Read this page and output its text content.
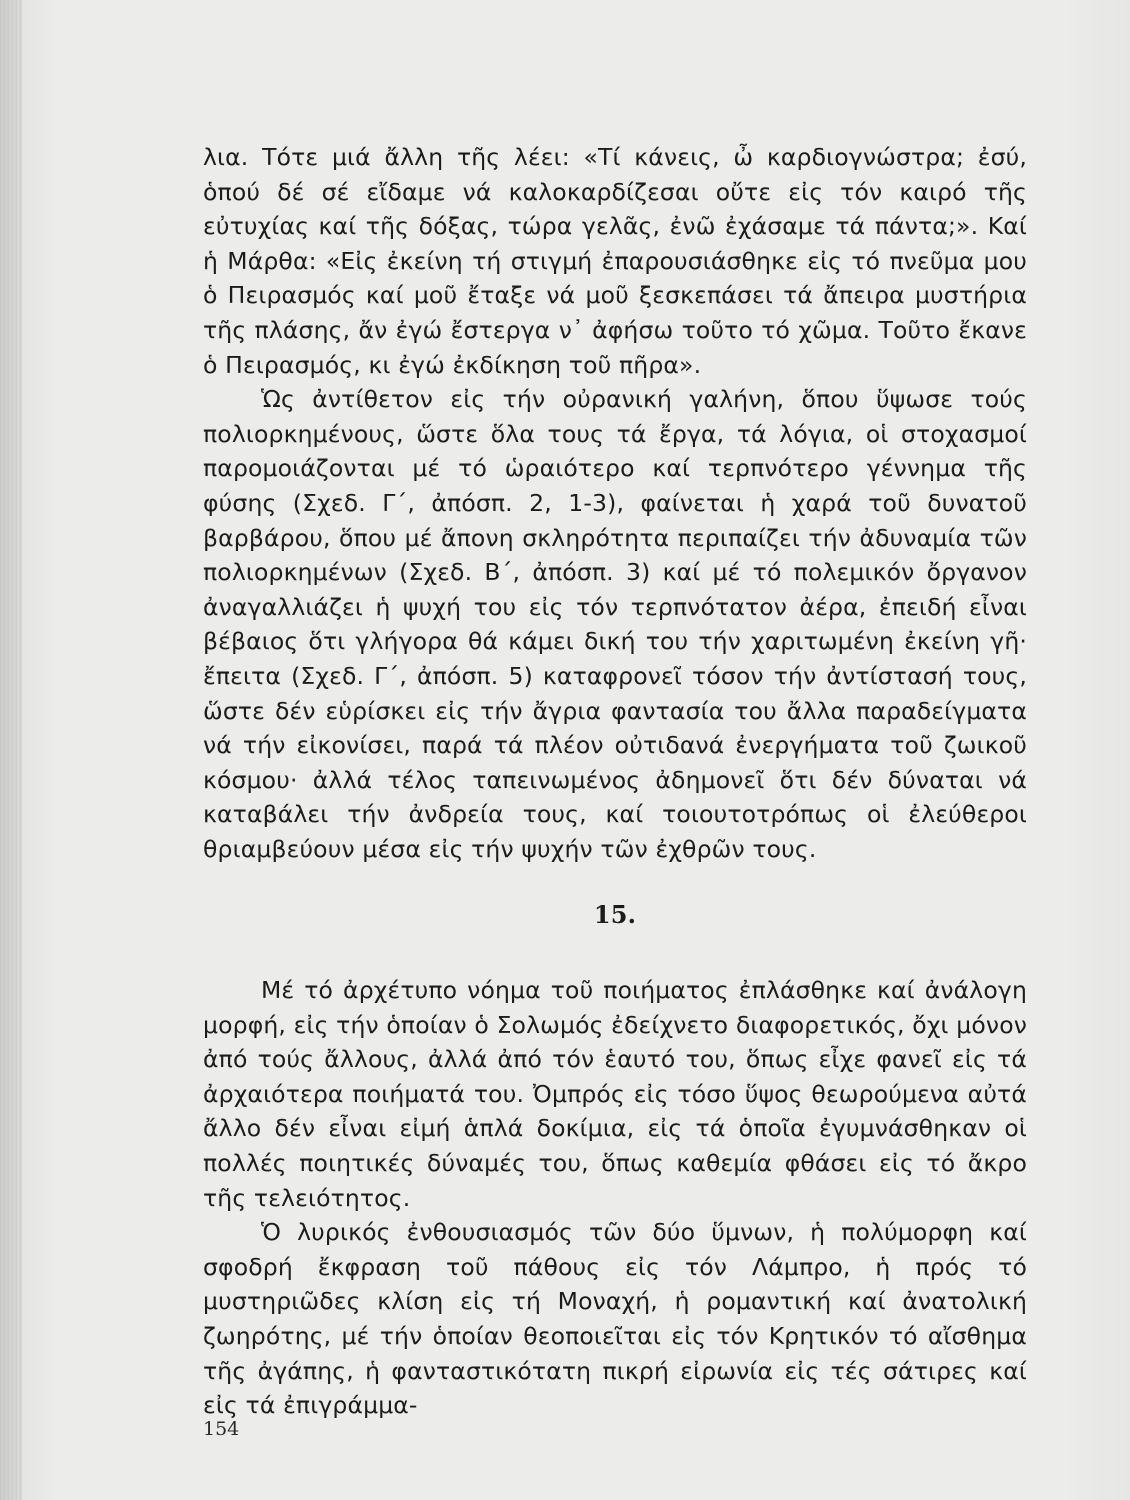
λια. Τότε μιά ἄλλη τῆς λέει: «Τί κάνεις, ὦ καρδιογνώστρα; ἐσύ, ὁπού δέ σέ εἴδαμε νά καλοκαρδίζεσαι οὔτε εἰς τόν καιρό τῆς εὐτυχίας καί τῆς δόξας, τώρα γελᾶς, ἐνῶ ἐχάσαμε τά πάντα;». Καί ἡ Μάρθα: «Εἰς ἐκείνη τή στιγμή ἐπαρουσιάσθηκε εἰς τό πνεῦμα μου ὁ Πειρασμός καί μοῦ ἔταξε νά μοῦ ξεσκεπάσει τά ἄπειρα μυστήρια τῆς πλάσης, ἄν ἐγώ ἔστεργα ν᾽ ἀφήσω τοῦτο τό χῶμα. Τοῦτο ἔκανε ὁ Πειρασμός, κι ἐγώ ἐκδίκηση τοῦ πῆρα».

Ὡς ἀντίθετον εἰς τήν οὐρανική γαλήνη, ὅπου ὕψωσε τούς πολιορκημένους, ὥστε ὅλα τους τά ἔργα, τά λόγια, οἱ στοχασμοί παρομοιάζονται μέ τό ὡραιότερο καί τερπνότερο γέννημα τῆς φύσης (Σχεδ. Γ΄, ἀπόσπ. 2, 1-3), φαίνεται ἡ χαρά τοῦ δυνατοῦ βαρβάρου, ὅπου μέ ἄπονη σκληρότητα περιπαίζει τήν ἀδυναμία τῶν πολιορκημένων (Σχεδ. Β΄, ἀπόσπ. 3) καί μέ τό πολεμικόν ὄργανον ἀναγαλλιάζει ἡ ψυχή του εἰς τόν τερπνότατον ἀέρα, ἐπειδή εἶναι βέβαιος ὅτι γλήγορα θά κάμει δική του τήν χαριτωμένη ἐκείνη γῆ· ἔπειτα (Σχεδ. Γ΄, ἀπόσπ. 5) καταφρονεῖ τόσον τήν ἀντίστασή τους, ὥστε δέν εὑρίσκει εἰς τήν ἄγρια φαντασία του ἄλλα παραδείγματα νά τήν εἰκονίσει, παρά τά πλέον οὐτιδανά ἐνεργήματα τοῦ ζωικοῦ κόσμου· ἀλλά τέλος ταπεινωμένος ἀδημονεῖ ὅτι δέν δύναται νά καταβάλει τήν ἀνδρεία τους, καί τοιουτοτρόπως οἱ ἐλεύθεροι θριαμβεύουν μέσα εἰς τήν ψυχήν τῶν ἐχθρῶν τους.

15.

Μέ τό ἀρχέτυπο νόημα τοῦ ποιήματος ἐπλάσθηκε καί ἀνάλογη μορφή, εἰς τήν ὁποίαν ὁ Σολωμός ἐδείχνετο διαφορετικός, ὄχι μόνον ἀπό τούς ἄλλους, ἀλλά ἀπό τόν ἑαυτό του, ὅπως εἶχε φανεῖ εἰς τά ἀρχαιότερα ποιήματά του. Ὀμπρός εἰς τόσο ὕψος θεωρούμενα αὐτά ἄλλο δέν εἶναι εἰμή ἁπλά δοκίμια, εἰς τά ὁποῖα ἐγυμνάσθηκαν οἱ πολλές ποιητικές δύναμές του, ὅπως καθεμία φθάσει εἰς τό ἄκρο τῆς τελειότητος.

Ὁ λυρικός ἐνθουσιασμός τῶν δύο ὕμνων, ἡ πολύμορφη καί σφοδρή ἔκφραση τοῦ πάθους εἰς τόν Λάμπρο, ἡ πρός τό μυστηριῶδες κλίση εἰς τή Μοναχή, ἡ ρομαντική καί ἀνατολική ζωηρότης, μέ τήν ὁποίαν θεοποιεῖται εἰς τόν Κρητικόν τό αἴσθημα τῆς ἀγάπης, ἡ φανταστικότατη πικρή εἰρωνία εἰς τές σάτιρες καί εἰς τά ἐπιγράμμα-

154
